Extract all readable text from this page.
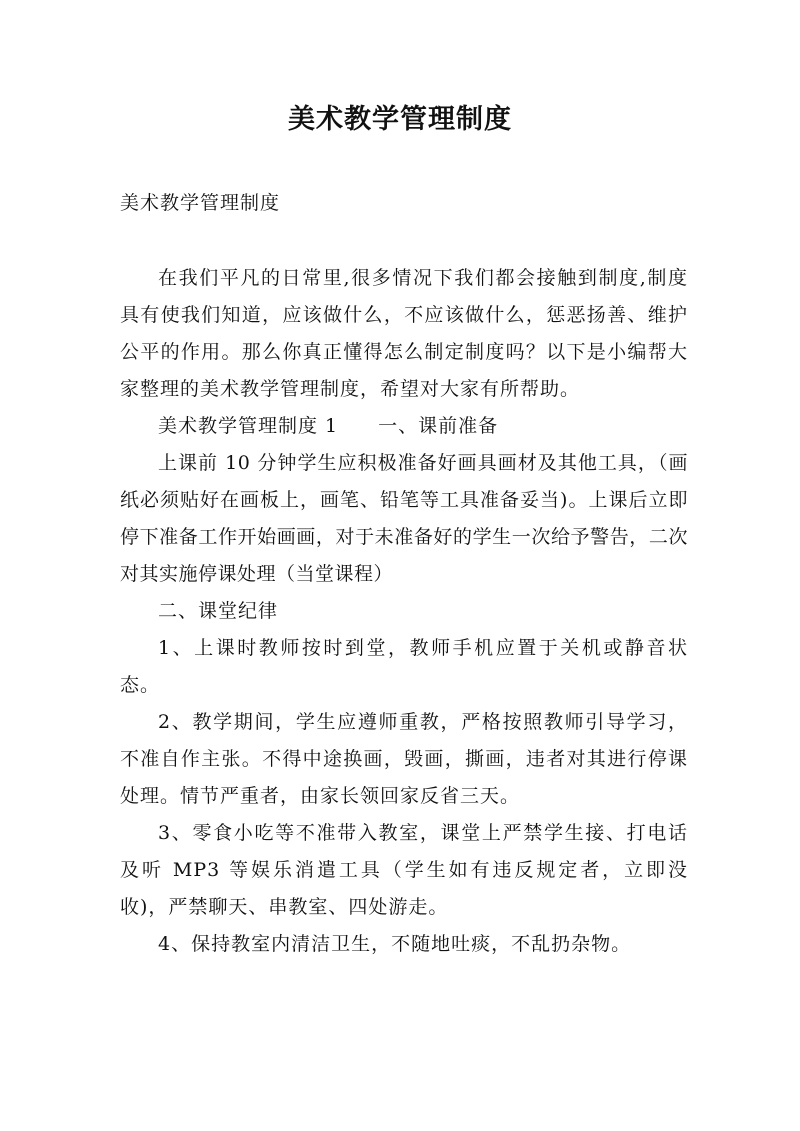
美术教学管理制度

美术教学管理制度

在我们平凡的日常里,很多情况下我们都会接触到制度,制度具有使我们知道，应该做什么，不应该做什么，惩恶扬善、维护公平的作用。那么你真正懂得怎么制定制度吗？以下是小编帮大家整理的美术教学管理制度，希望对大家有所帮助。

美术教学管理制度 1 一、课前准备

上课前 10 分钟学生应积极准备好画具画材及其他工具，（画纸必须贴好在画板上，画笔、铅笔等工具准备妥当)。上课后立即停下准备工作开始画画，对于未准备好的学生一次给予警告，二次对其实施停课处理（当堂课程）

二、课堂纪律

1、上课时教师按时到堂，教师手机应置于关机或静音状态。

2、教学期间，学生应遵师重教，严格按照教师引导学习，不准自作主张。不得中途换画，毁画，撕画，违者对其进行停课处理。情节严重者，由家长领回家反省三天。

3、零食小吃等不准带入教室，课堂上严禁学生接、打电话及听 MP3 等娱乐消遣工具（学生如有违反规定者，立即没收)，严禁聊天、串教室、四处游走。

4、保持教室内清洁卫生，不随地吐痰，不乱扔杂物。
